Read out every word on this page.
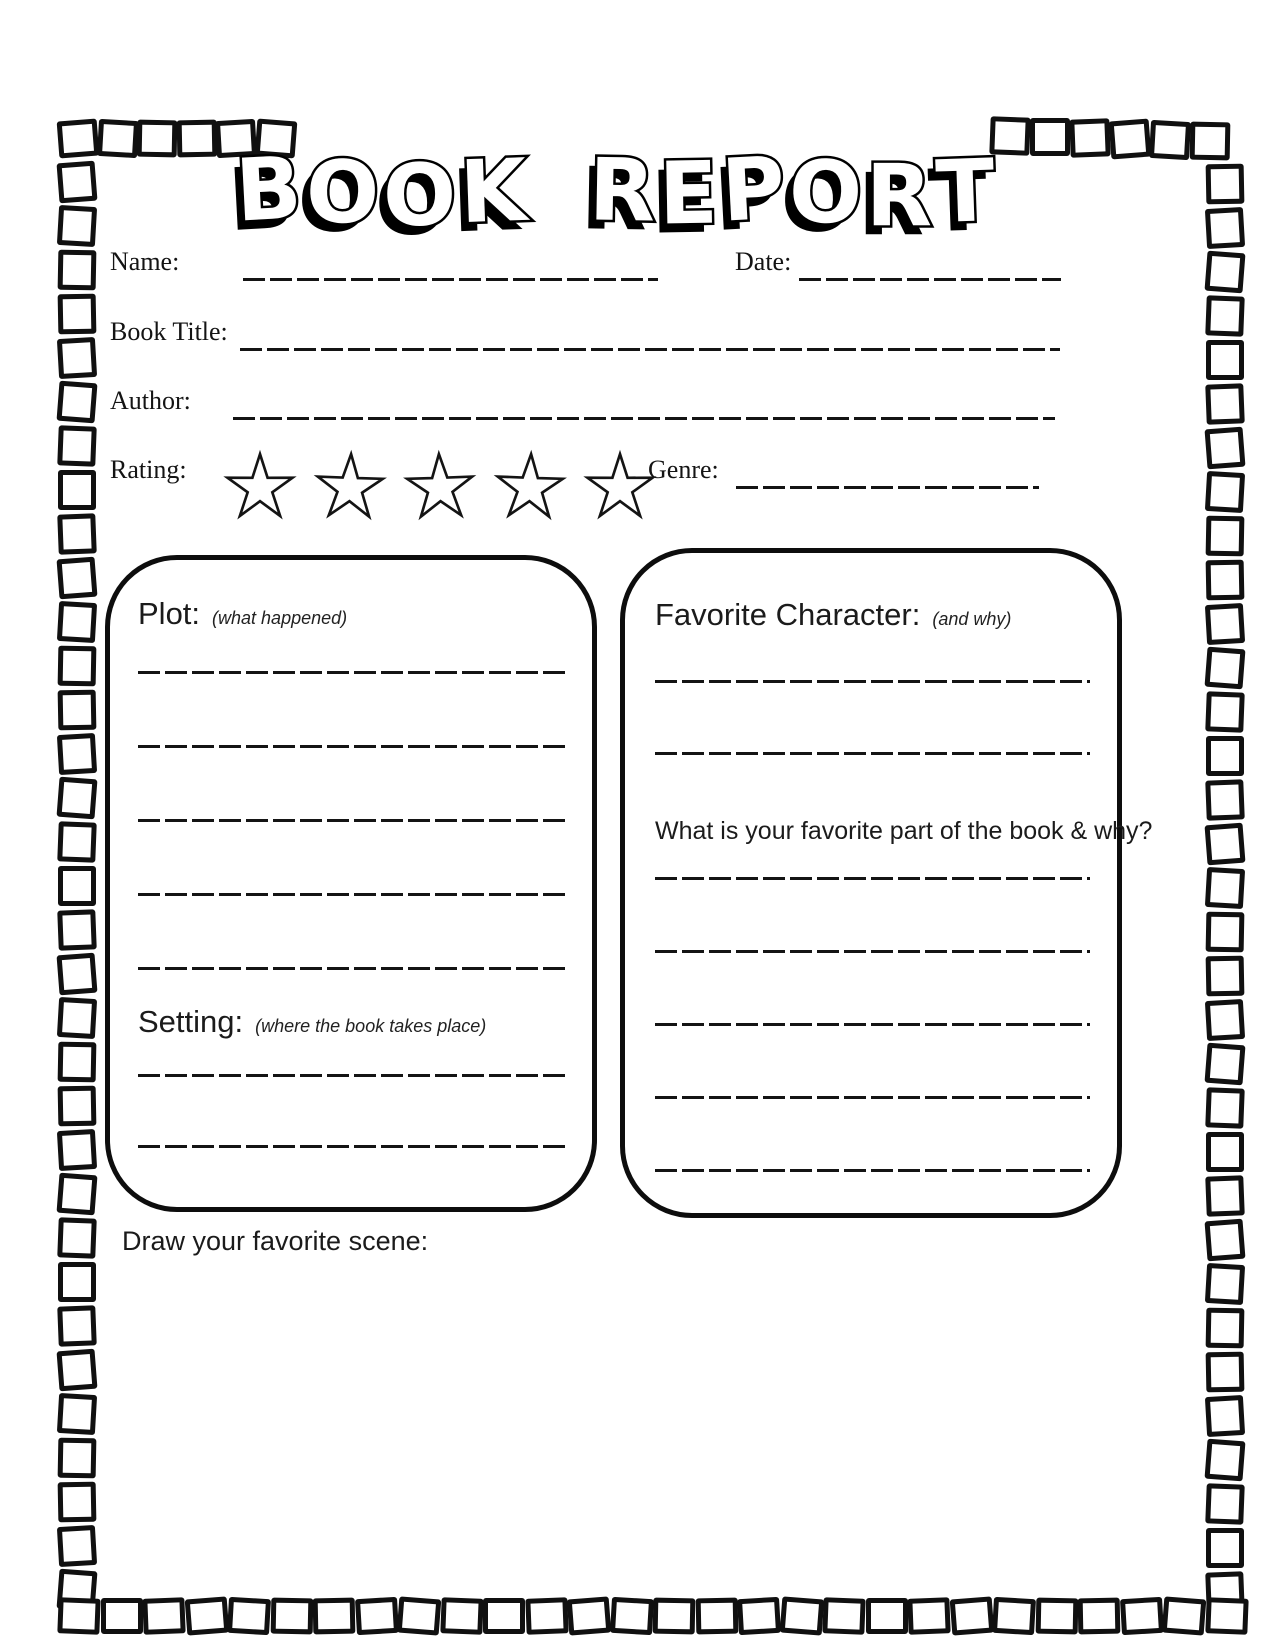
BOOK REPORT
Name:	Date:
Book Title:
Author:
Rating:	Genre:
Plot: (what happened)
Setting: (where the book takes place)
Favorite Character: (and why)
What is your favorite part of the book & why?
Draw your favorite scene:
